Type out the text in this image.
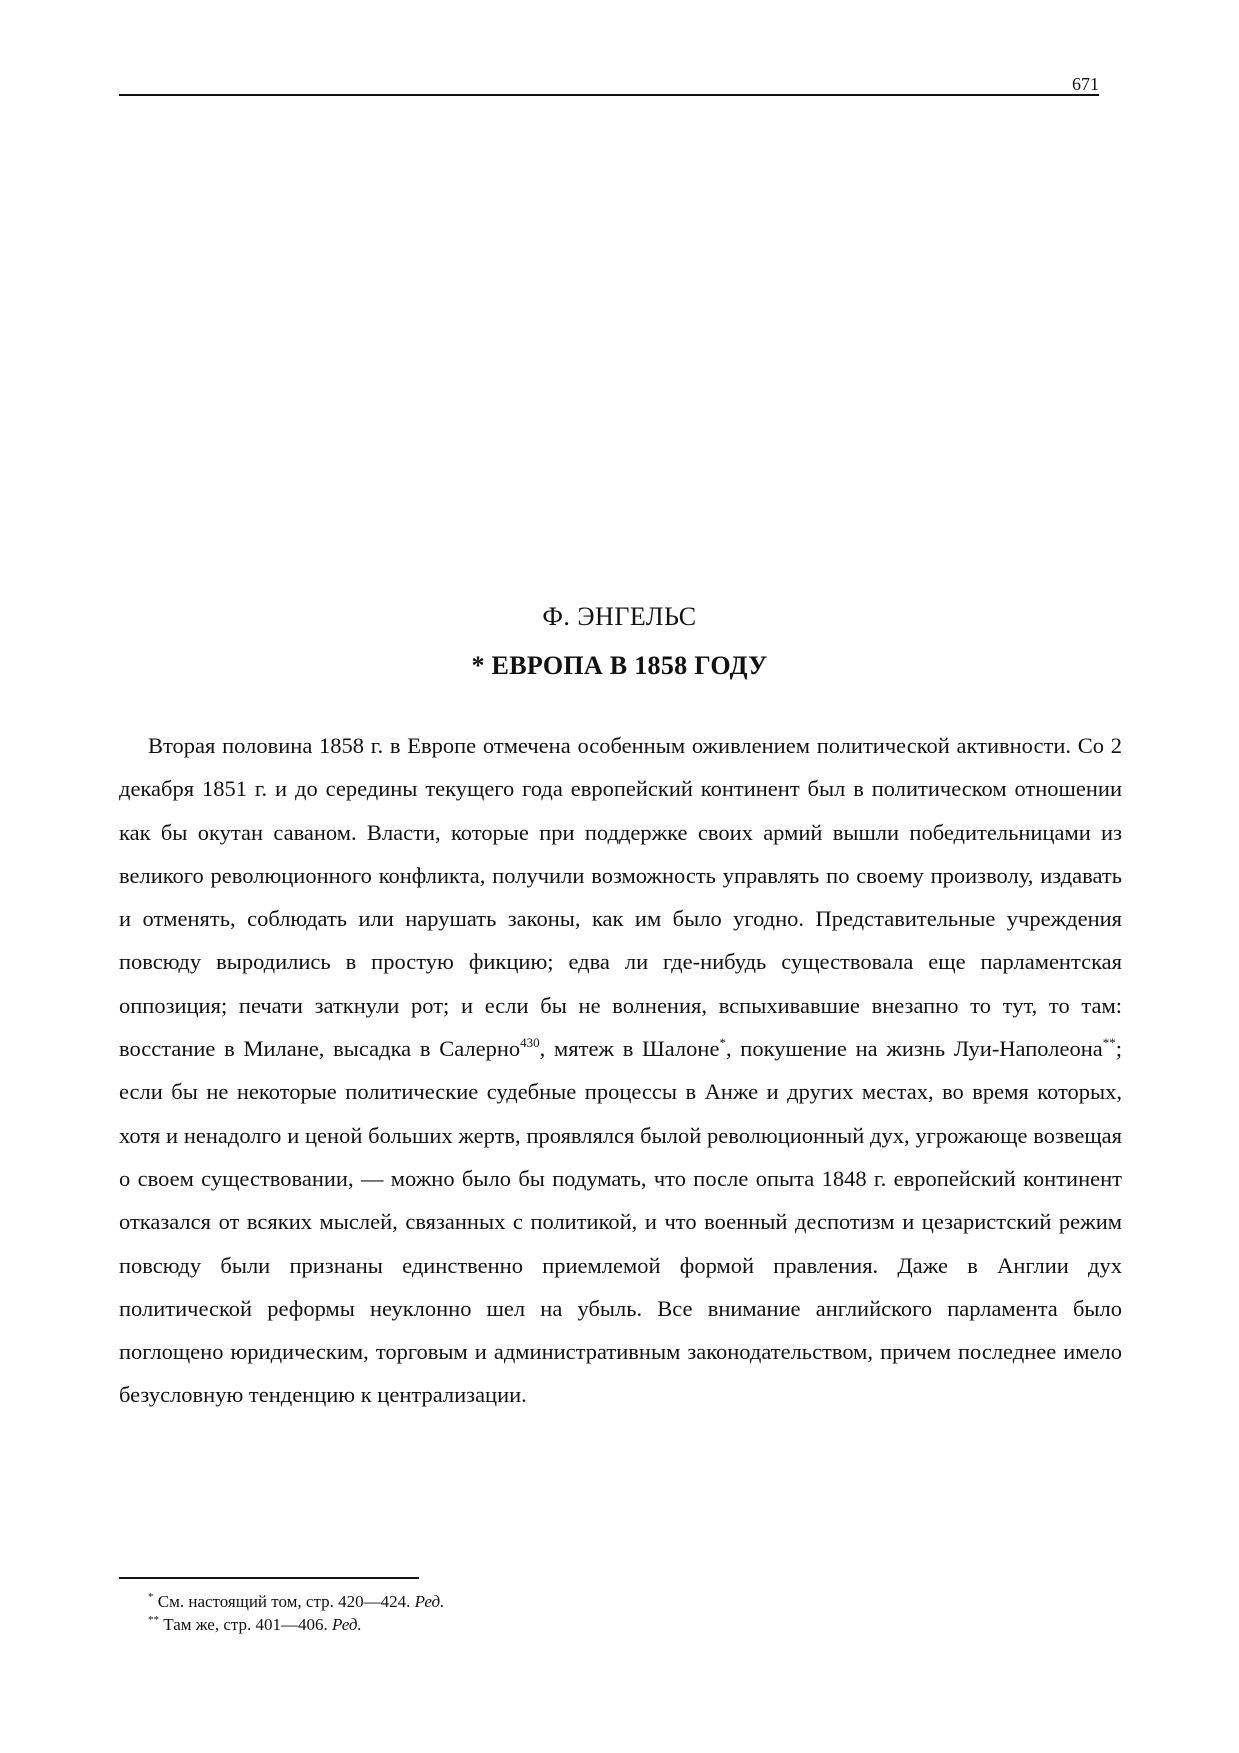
671
Ф. ЭНГЕЛЬС
* ЕВРОПА В 1858 ГОДУ

Вторая половина 1858 г. в Европе отмечена особенным оживлением политической активности. Со 2 декабря 1851 г. и до середины текущего года европейский континент был в политическом отношении как бы окутан саваном. Власти, которые при поддержке своих армий вышли победительницами из великого революционного конфликта, получили возможность управлять по своему произволу, издавать и отменять, соблюдать или нарушать законы, как им было угодно. Представительные учреждения повсюду выродились в простую фикцию; едва ли где-нибудь существовала еще парламентская оппозиция; печати заткнули рот; и если бы не волнения, вспыхивавшие внезапно то тут, то там: восстание в Милане, высадка в Салерно$^{430}$, мятеж в Шалоне*, покушение на жизнь Луи-Наполеона**; если бы не некоторые политические судебные процессы в Анже и других местах, во время которых, хотя и ненадолго и ценой больших жертв, проявлялся былой революционный дух, угрожающе возвещая о своем существовании, — можно было бы подумать, что после опыта 1848 г. европейский континент отказался от всяких мыслей, связанных с политикой, и что военный деспотизм и цезаристский режим повсюду были признаны единственно приемлемой формой правления. Даже в Англии дух политической реформы неуклонно шел на убыль. Все внимание английского парламента было поглощено юридическим, торговым и административным законодательством, причем последнее имело безусловную тенденцию к централизации.

* См. настоящий том, стр. 420—424. Ред.
** Там же, стр. 401—406. Ред.
